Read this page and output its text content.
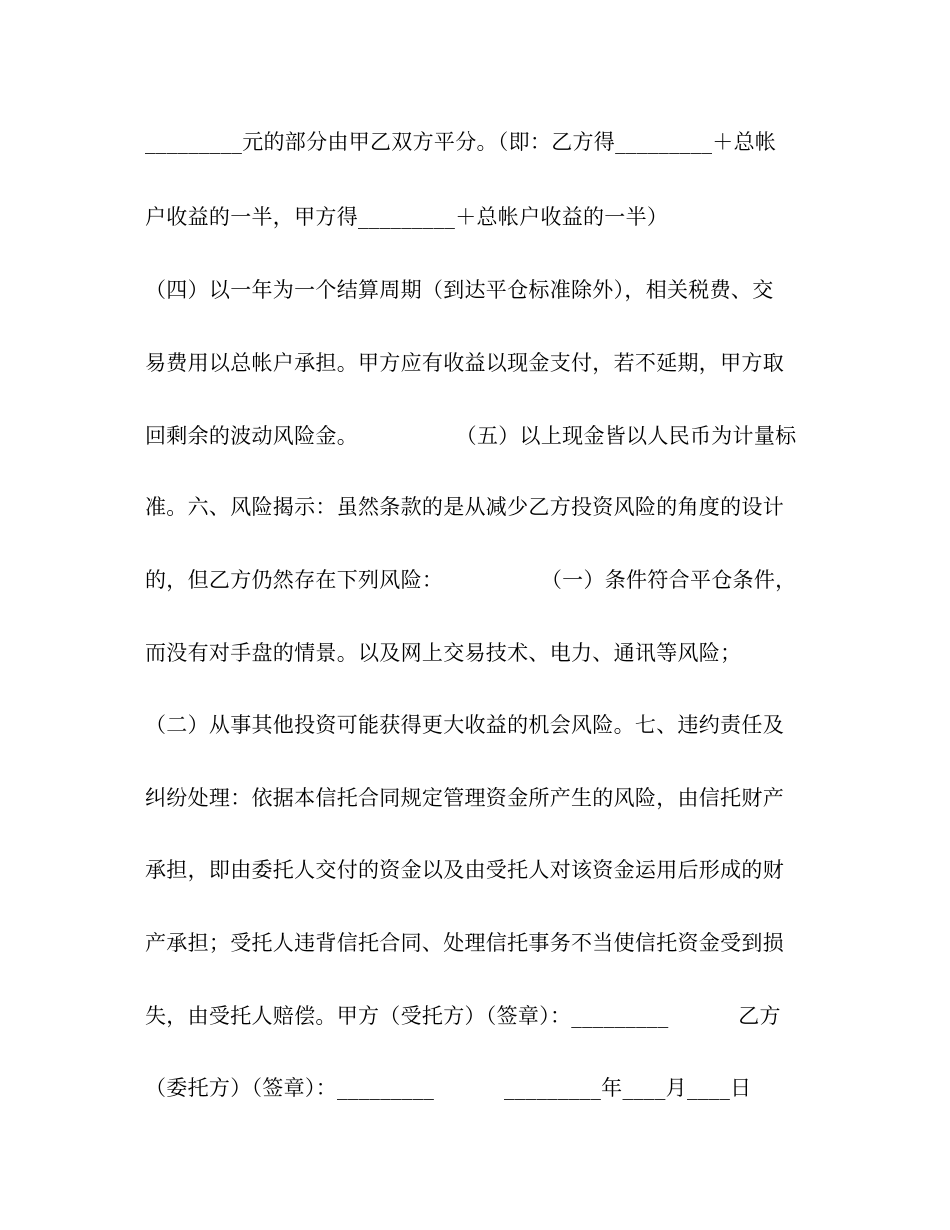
_________元的部分由甲乙双方平分。（即：乙方得_________＋总帐
户收益的一半，甲方得_________＋总帐户收益的一半）
（四）以一年为一个结算周期（到达平仓标准除外），相关税费、交
易费用以总帐户承担。甲方应有收益以现金支付，若不延期，甲方取
回剩余的波动风险金。              （五）以上现金皆以人民币为计量标
准。六、风险揭示：虽然条款的是从减少乙方投资风险的角度的设计
的，但乙方仍然存在下列风险：              （一）条件符合平仓条件，
而没有对手盘的情景。以及网上交易技术、电力、通讯等风险；
（二）从事其他投资可能获得更大收益的机会风险。七、违约责任及
纠纷处理：依据本信托合同规定管理资金所产生的风险，由信托财产
承担，即由委托人交付的资金以及由受托人对该资金运用后形成的财
产承担；受托人违背信托合同、处理信托事务不当使信托资金受到损
失，由受托人赔偿。甲方（受托方）（签章）：_________          乙方
（委托方）（签章）：_________          _________年____月____日
